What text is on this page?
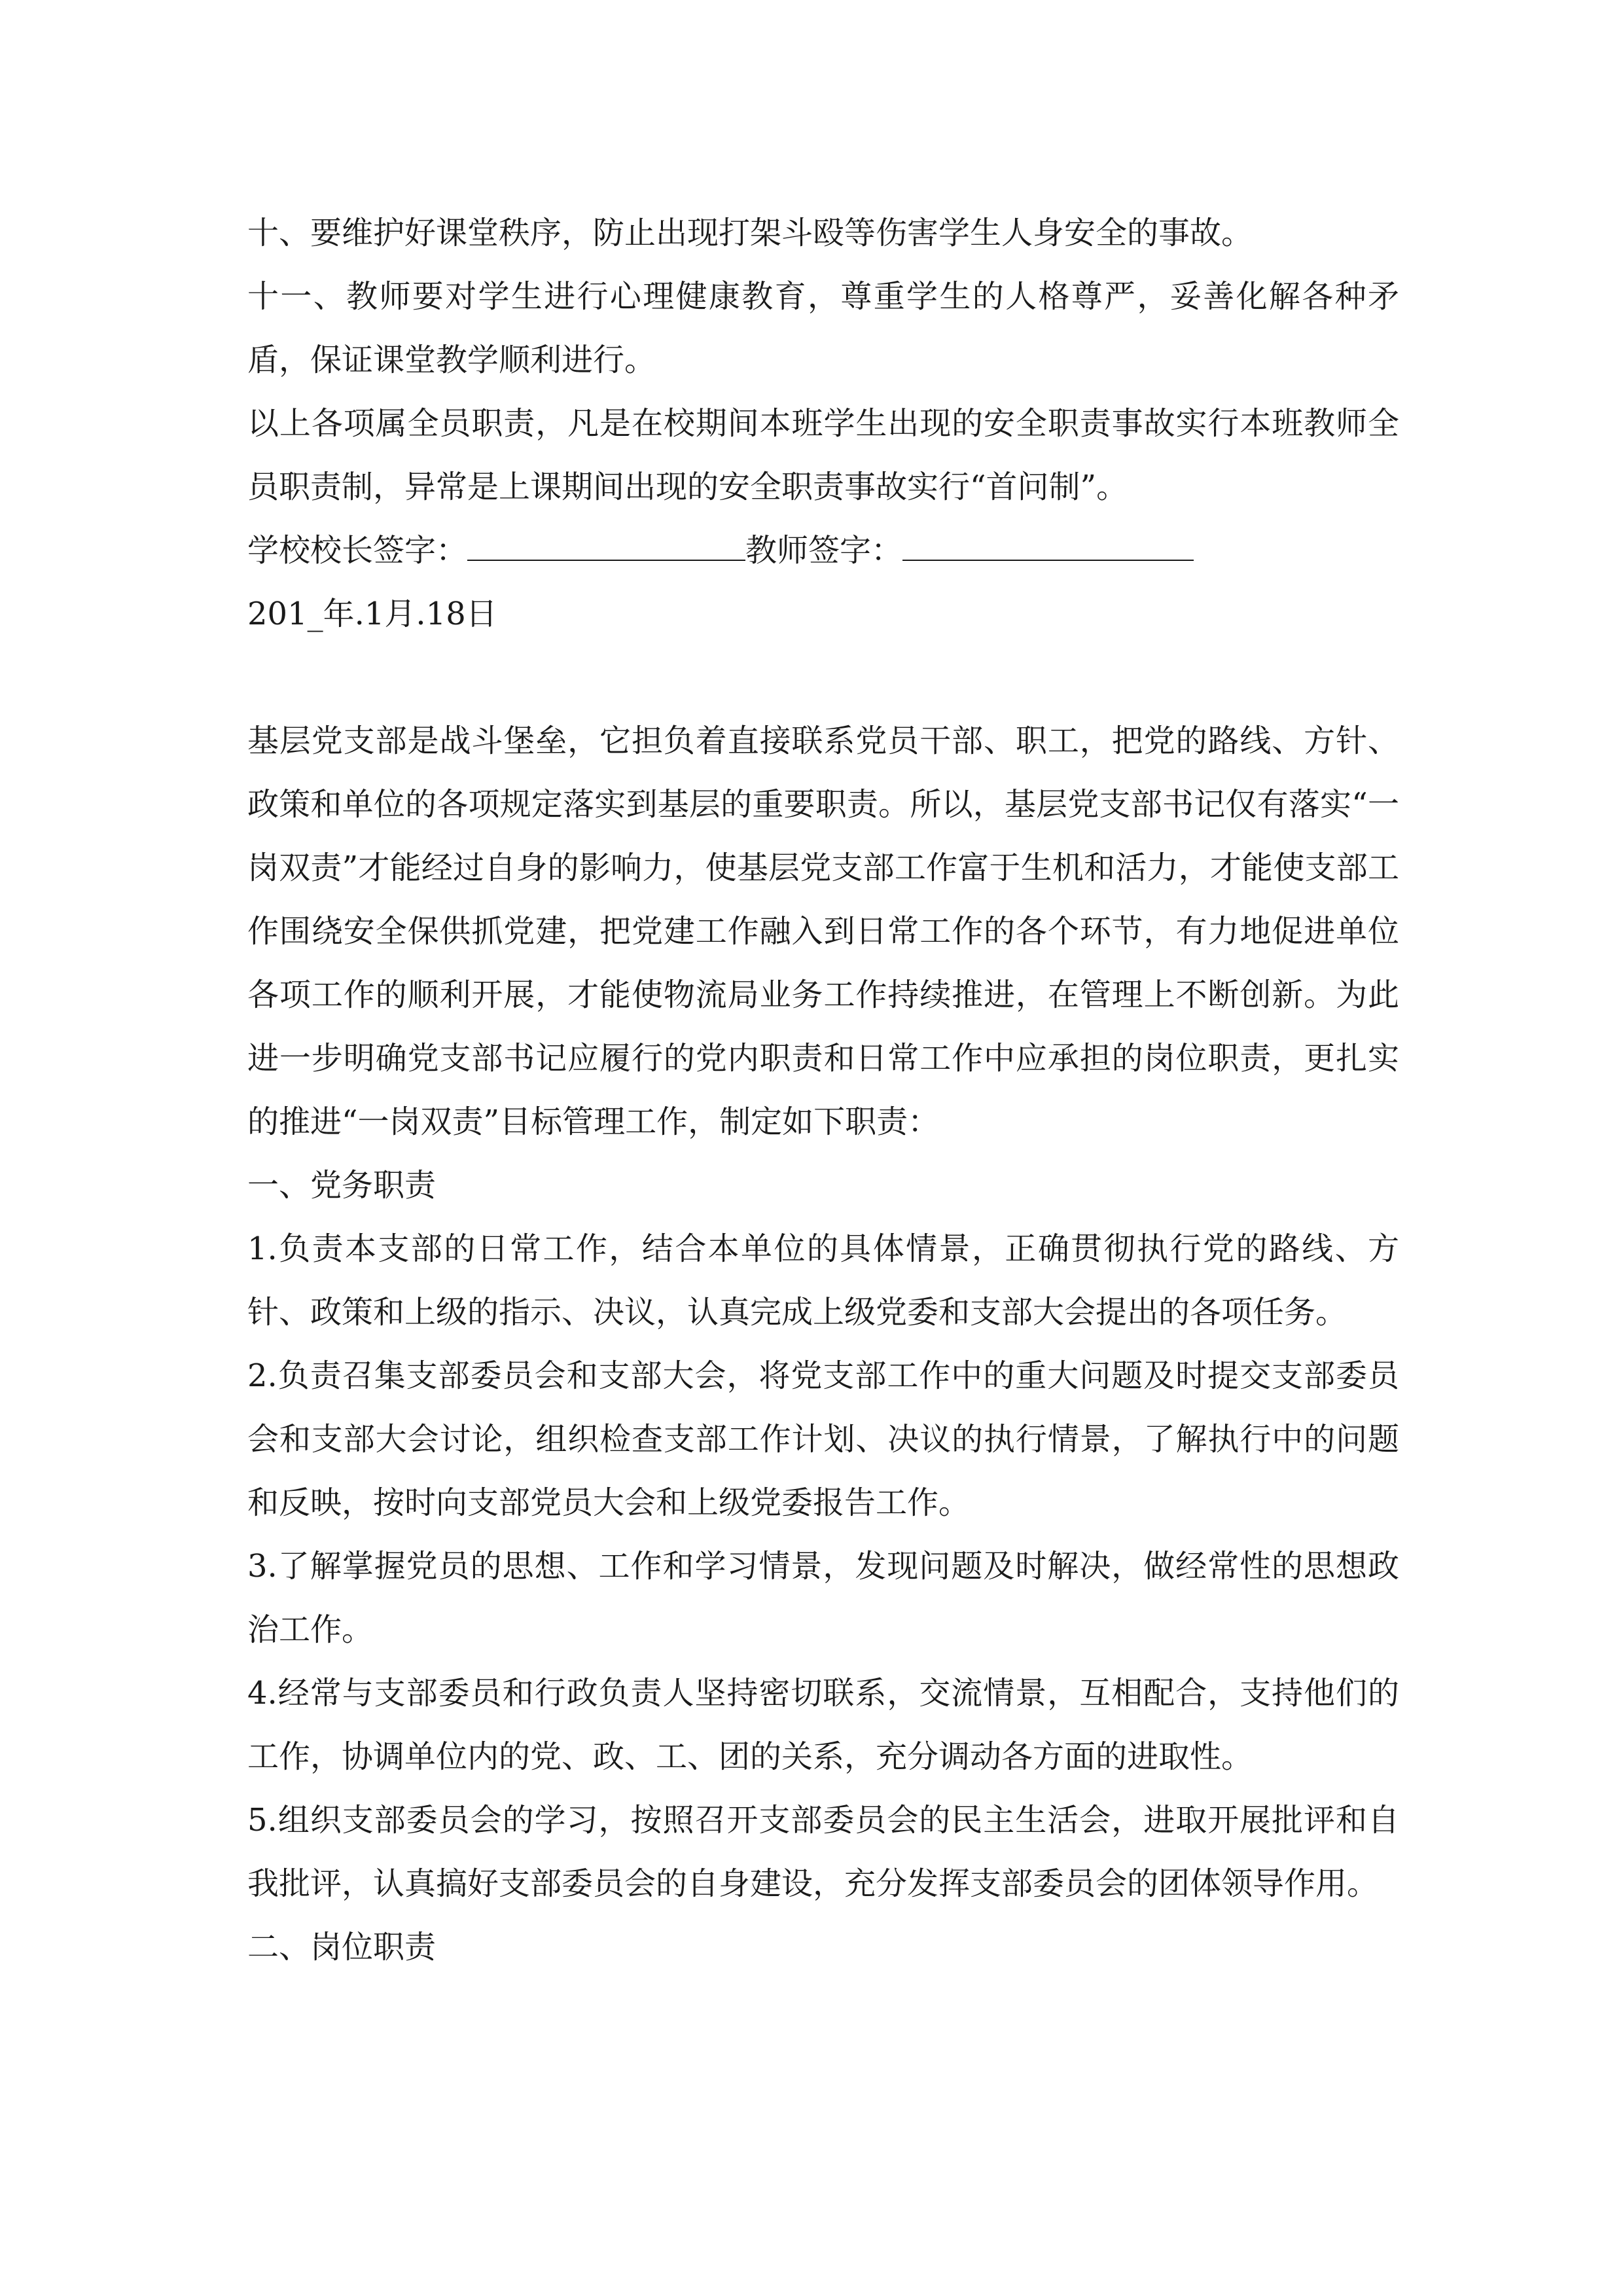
十、要维护好课堂秩序，防止出现打架斗殴等伤害学生人身安全的事故。

十一、教师要对学生进行心理健康教育，尊重学生的人格尊严，妥善化解各种矛盾，保证课堂教学顺利进行。

以上各项属全员职责，凡是在校期间本班学生出现的安全职责事故实行本班教师全员职责制，异常是上课期间出现的安全职责事故实行“首问制”。

学校校长签字：	教师签字：

201_年.1月.18日

基层党支部是战斗堡垒，它担负着直接联系党员干部、职工，把党的路线、方针、政策和单位的各项规定落实到基层的重要职责。所以，基层党支部书记仅有落实“一岗双责”才能经过自身的影响力，使基层党支部工作富于生机和活力，才能使支部工作围绕安全保供抓党建，把党建工作融入到日常工作的各个环节，有力地促进单位各项工作的顺利开展，才能使物流局业务工作持续推进，在管理上不断创新。为此进一步明确党支部书记应履行的党内职责和日常工作中应承担的岗位职责，更扎实的推进“一岗双责”目标管理工作，制定如下职责：

一、党务职责

1.负责本支部的日常工作，结合本单位的具体情景，正确贯彻执行党的路线、方针、政策和上级的指示、决议，认真完成上级党委和支部大会提出的各项任务。

2.负责召集支部委员会和支部大会，将党支部工作中的重大问题及时提交支部委员会和支部大会讨论，组织检查支部工作计划、决议的执行情景，了解执行中的问题和反映，按时向支部党员大会和上级党委报告工作。

3.了解掌握党员的思想、工作和学习情景，发现问题及时解决，做经常性的思想政治工作。

4.经常与支部委员和行政负责人坚持密切联系，交流情景，互相配合，支持他们的工作，协调单位内的党、政、工、团的关系，充分调动各方面的进取性。

5.组织支部委员会的学习，按照召开支部委员会的民主生活会，进取开展批评和自我批评，认真搞好支部委员会的自身建设，充分发挥支部委员会的团体领导作用。

二、岗位职责
